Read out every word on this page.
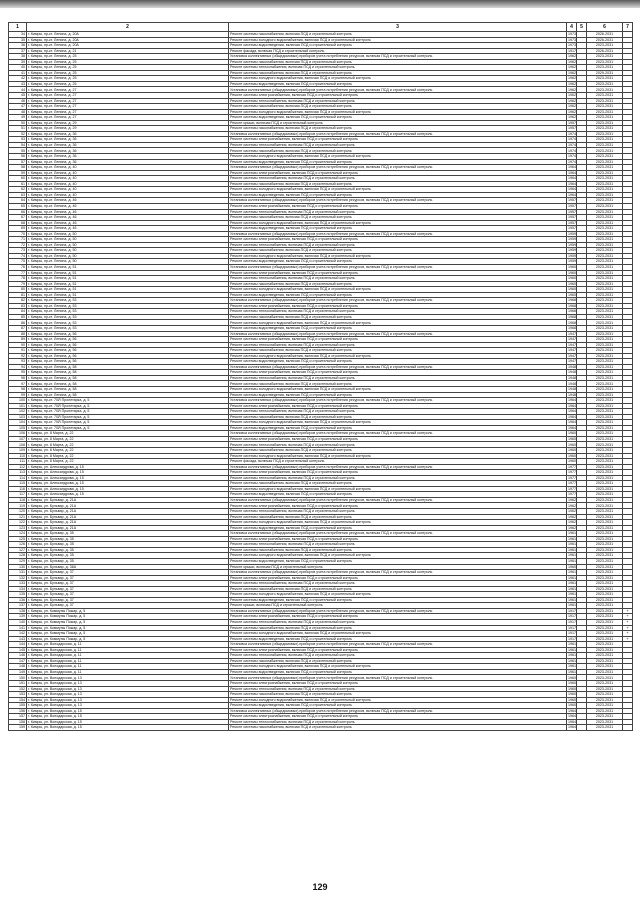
1	2	3	4	5	6	7
34	г. Кимры, пр-кт. Ленина, д. 20А	Ремонт системы газоснабжения, включая ПСД и строительный контроль	1973		2026-2031	
35	г. Кимры, пр-кт. Ленина, д. 20А	Ремонт системы холодного водоснабжения, включая ПСД и строительный контроль	1973		2026-2031	
36	г. Кимры, пр-кт. Ленина, д. 20А	Ремонт системы водоотведения, включая ПСД и строительный контроль	1973		2023-2031	
37	г. Кимры, пр-кт. Ленина, д. 21	Ремонт фасада, включая ПСД и строительный контроль	1917		2026-2031	
38	г. Кимры, пр-кт. Ленина, д. 25	Установка коллективных (общедомовых) приборов учета потребления ресурсов, включая ПСД и строительный контроль	1962		2023-2031	
39	г. Кимры, пр-кт. Ленина, д. 25	Ремонт системы газоснабжения, включая ПСД и строительный контроль	1962		2023-2031	
40	г. Кимры, пр-кт. Ленина, д. 25	Ремонт системы теплоснабжения, включая ПСД и строительный контроль	1962		2023-2031	
41	г. Кимры, пр-кт. Ленина, д. 25	Ремонт системы газоснабжения, включая ПСД и строительный контроль	1962		2029-2031	
42	г. Кимры, пр-кт. Ленина, д. 25	Ремонт системы холодного водоснабжения, включая ПСД и строительный контроль	1962		2023-2031	
43	г. Кимры, пр-кт. Ленина, д. 25	Ремонт системы водоотведения, включая ПСД и строительный контроль	1962		2023-2031	
44	г. Кимры, пр-кт. Ленина, д. 27	Установка коллективных (общедомовых) приборов учета потребления ресурсов, включая ПСД и строительный контроль	1962		2023-2031	
45	г. Кимры, пр-кт. Ленина, д. 27	Ремонт системы электроснабжения, включая ПСД и строительный контроль	1962		2023-2031	
46	г. Кимры, пр-кт. Ленина, д. 27	Ремонт системы теплоснабжения, включая ПСД и строительный контроль	1962		2023-2031	
47	г. Кимры, пр-кт. Ленина, д. 27	Ремонт системы газоснабжения, включая ПСД и строительный контроль	1962		2023-2031	
48	г. Кимры, пр-кт. Ленина, д. 27	Ремонт системы холодного водоснабжения, включая ПСД и строительный контроль	1962		2023-2031	
49	г. Кимры, пр-кт. Ленина, д. 27	Ремонт системы водоотведения, включая ПСД и строительный контроль	1962		2023-2031	
50	г. Кимры, пр-кт. Ленина, д. 29	Ремонт крыши, включая ПСД и строительный контроль	1957		2023-2031	
51	г. Кимры, пр-кт. Ленина, д. 29	Ремонт системы газоснабжения, включая ПСД и строительный контроль	1957		2023-2031	
52	г. Кимры, пр-кт. Ленина, д. 36	Установка коллективных (общедомовых) приборов учета потребления ресурсов, включая ПСД и строительный контроль	1974		2023-2031	
53	г. Кимры, пр-кт. Ленина, д. 36	Ремонт системы электроснабжения, включая ПСД и строительный контроль	1974		2023-2031	
54	г. Кимры, пр-кт. Ленина, д. 36	Ремонт системы теплоснабжения, включая ПСД и строительный контроль	1974		2023-2031	
55	г. Кимры, пр-кт. Ленина, д. 36	Ремонт системы газоснабжения, включая ПСД и строительный контроль	1974		2023-2031	
56	г. Кимры, пр-кт. Ленина, д. 36	Ремонт системы холодного водоснабжения, включая ПСД и строительный контроль	1974		2023-2031	
57	г. Кимры, пр-кт. Ленина, д. 36	Ремонт системы водоотведения, включая ПСД и строительный контроль	1974		2023-2031	
58	г. Кимры, пр-кт. Ленина, д. 40	Установка коллективных (общедомовых) приборов учета потребления ресурсов, включая ПСД и строительный контроль	1964		2023-2031	
59	г. Кимры, пр-кт. Ленина, д. 40	Ремонт системы электроснабжения, включая ПСД и строительный контроль	1964		2023-2031	
60	г. Кимры, пр-кт. Ленина, д. 40	Ремонт системы теплоснабжения, включая ПСД и строительный контроль	1964		2023-2031	
61	г. Кимры, пр-кт. Ленина, д. 40	Ремонт системы газоснабжения, включая ПСД и строительный контроль	1964		2023-2031	
62	г. Кимры, пр-кт. Ленина, д. 40	Ремонт системы холодного водоснабжения, включая ПСД и строительный контроль	1964		2023-2031	
63	г. Кимры, пр-кт. Ленина, д. 40	Ремонт системы водоотведения, включая ПСД и строительный контроль	1964		2023-2031	
64	г. Кимры, пр-кт. Ленина, д. 46	Установка коллективных (общедомовых) приборов учета потребления ресурсов, включая ПСД и строительный контроль	1957		2023-2031	
65	г. Кимры, пр-кт. Ленина, д. 46	Ремонт системы электроснабжения, включая ПСД и строительный контроль	1957		2023-2031	
66	г. Кимры, пр-кт. Ленина, д. 46	Ремонт системы теплоснабжения, включая ПСД и строительный контроль	1957		2023-2031	
67	г. Кимры, пр-кт. Ленина, д. 46	Ремонт системы газоснабжения, включая ПСД и строительный контроль	1957		2023-2031	
68	г. Кимры, пр-кт. Ленина, д. 46	Ремонт системы холодного водоснабжения, включая ПСД и строительный контроль	1957		2023-2031	
69	г. Кимры, пр-кт. Ленина, д. 46	Ремонт системы водоотведения, включая ПСД и строительный контроль	1957		2023-2031	
70	г. Кимры, пр-кт. Ленина, д. 50	Установка коллективных (общедомовых) приборов учета потребления ресурсов, включая ПСД и строительный контроль	1959		2023-2031	
71	г. Кимры, пр-кт. Ленина, д. 50	Ремонт системы электроснабжения, включая ПСД и строительный контроль	1959		2023-2031	
72	г. Кимры, пр-кт. Ленина, д. 50	Ремонт системы теплоснабжения, включая ПСД и строительный контроль	1959		2023-2031	
73	г. Кимры, пр-кт. Ленина, д. 50	Ремонт системы газоснабжения, включая ПСД и строительный контроль	1959		2023-2031	
74	г. Кимры, пр-кт. Ленина, д. 50	Ремонт системы холодного водоснабжения, включая ПСД и строительный контроль	1959		2023-2031	
75	г. Кимры, пр-кт. Ленина, д. 50	Ремонт системы водоотведения, включая ПСД и строительный контроль	1959		2023-2031	
76	г. Кимры, пр-кт. Ленина, д. 51	Установка коллективных (общедомовых) приборов учета потребления ресурсов, включая ПСД и строительный контроль	1960		2023-2031	
77	г. Кимры, пр-кт. Ленина, д. 51	Ремонт системы электроснабжения, включая ПСД и строительный контроль	1960		2023-2031	
78	г. Кимры, пр-кт. Ленина, д. 51	Ремонт системы теплоснабжения, включая ПСД и строительный контроль	1960		2023-2031	
79	г. Кимры, пр-кт. Ленина, д. 51	Ремонт системы газоснабжения, включая ПСД и строительный контроль	1960		2023-2031	
80	г. Кимры, пр-кт. Ленина, д. 51	Ремонт системы холодного водоснабжения, включая ПСД и строительный контроль	1960		2023-2031	
81	г. Кимры, пр-кт. Ленина, д. 51	Ремонт системы водоотведения, включая ПСД и строительный контроль	1960		2023-2031	
82	г. Кимры, пр-кт. Ленина, д. 53	Установка коллективных (общедомовых) приборов учета потребления ресурсов, включая ПСД и строительный контроль	1968		2023-2031	
83	г. Кимры, пр-кт. Ленина, д. 53	Ремонт системы электроснабжения, включая ПСД и строительный контроль	1968		2023-2031	
84	г. Кимры, пр-кт. Ленина, д. 53	Ремонт системы теплоснабжения, включая ПСД и строительный контроль	1968		2023-2031	
85	г. Кимры, пр-кт. Ленина, д. 53	Ремонт системы газоснабжения, включая ПСД и строительный контроль	1968		2023-2031	
86	г. Кимры, пр-кт. Ленина, д. 53	Ремонт системы холодного водоснабжения, включая ПСД и строительный контроль	1968		2023-2031	
87	г. Кимры, пр-кт. Ленина, д. 53	Ремонт системы водоотведения, включая ПСД и строительный контроль	1968		2023-2031	
88	г. Кимры, пр-кт. Ленина, д. 56	Установка коллективных (общедомовых) приборов учета потребления ресурсов, включая ПСД и строительный контроль	1947		2023-2031	
89	г. Кимры, пр-кт. Ленина, д. 56	Ремонт системы электроснабжения, включая ПСД и строительный контроль	1947		2023-2031	
90	г. Кимры, пр-кт. Ленина, д. 56	Ремонт системы теплоснабжения, включая ПСД и строительный контроль	1947		2023-2031	
91	г. Кимры, пр-кт. Ленина, д. 56	Ремонт системы газоснабжения, включая ПСД и строительный контроль	1947		2023-2031	
92	г. Кимры, пр-кт. Ленина, д. 56	Ремонт системы холодного водоснабжения, включая ПСД и строительный контроль	1947		2023-2031	
93	г. Кимры, пр-кт. Ленина, д. 56	Ремонт системы водоотведения, включая ПСД и строительный контроль	1947		2023-2031	
94	г. Кимры, пр-кт. Ленина, д. 58	Установка коллективных (общедомовых) приборов учета потребления ресурсов, включая ПСД и строительный контроль	1948		2023-2031	
95	г. Кимры, пр-кт. Ленина, д. 58	Ремонт системы электроснабжения, включая ПСД и строительный контроль	1948		2023-2031	
96	г. Кимры, пр-кт. Ленина, д. 58	Ремонт системы теплоснабжения, включая ПСД и строительный контроль	1948		2023-2031	
97	г. Кимры, пр-кт. Ленина, д. 58	Ремонт системы газоснабжения, включая ПСД и строительный контроль	1948		2023-2031	
98	г. Кимры, пр-кт. Ленина, д. 58	Ремонт системы холодного водоснабжения, включая ПСД и строительный контроль	1948		2023-2031	
99	г. Кимры, пр-кт. Ленина, д. 58	Ремонт системы водоотведения, включая ПСД и строительный контроль	1948		2023-2031	
100	г. Кимры, пр-кт. 70Й Пролетарка, д. 5	Установка коллективных (общедомовых) приборов учета потребления ресурсов, включая ПСД и строительный контроль	1964		2023-2031	
101	г. Кимры, пр-кт. 70Й Пролетарка, д. 5	Ремонт системы электроснабжения, включая ПСД и строительный контроль	1964		2023-2031	
102	г. Кимры, пр-кт. 70Й Пролетарка, д. 5	Ремонт системы теплоснабжения, включая ПСД и строительный контроль	1964		2023-2031	
103	г. Кимры, пр-кт. 70Й Пролетарка, д. 5	Ремонт системы газоснабжения, включая ПСД и строительный контроль	1964		2023-2031	
104	г. Кимры, пр-кт. 70Й Пролетарка, д. 5	Ремонт системы холодного водоснабжения, включая ПСД и строительный контроль	1964		2023-2031	
105	г. Кимры, пр-кт. 70Й Пролетарка, д. 5	Ремонт системы водоотведения, включая ПСД и строительный контроль	1964		2023-2031	
106	г. Кимры, ул. 8 Марта, д. 22	Установка коллективных (общедомовых) приборов учета потребления ресурсов, включая ПСД и строительный контроль	1960		2023-2031	
107	г. Кимры, ул. 8 Марта, д. 22	Ремонт системы электроснабжения, включая ПСД и строительный контроль	1960		2023-2031	
108	г. Кимры, ул. 8 Марта, д. 22	Ремонт системы теплоснабжения, включая ПСД и строительный контроль	1960		2023-2031	
109	г. Кимры, ул. 8 Марта, д. 22	Ремонт системы газоснабжения, включая ПСД и строительный контроль	1960		2023-2031	
110	г. Кимры, ул. 8 Марта, д. 22	Ремонт системы холодного водоснабжения, включая ПСД и строительный контроль	1960		2023-2031	
111	г. Кимры, ул. 8 Марта, д. 22	Ремонт фасада, включая ПСД и строительный контроль	1960		2023-2031	
112	г. Кимры, ул. Александрова, д. 15	Установка коллективных (общедомовых) приборов учета потребления ресурсов, включая ПСД и строительный контроль	1977		2023-2031	
113	г. Кимры, ул. Александрова, д. 15	Ремонт системы электроснабжения, включая ПСД и строительный контроль	1977		2023-2031	
114	г. Кимры, ул. Александрова, д. 15	Ремонт системы теплоснабжения, включая ПСД и строительный контроль	1977		2023-2031	
115	г. Кимры, ул. Александрова, д. 15	Ремонт системы газоснабжения, включая ПСД и строительный контроль	1977		2023-2031	
116	г. Кимры, ул. Александрова, д. 15	Ремонт системы холодного водоснабжения, включая ПСД и строительный контроль	1977		2023-2031	
117	г. Кимры, ул. Александрова, д. 15	Ремонт системы водоотведения, включая ПСД и строительный контроль	1977		2023-2031	
118	г. Кимры, ул. Бульвар, д. 21А	Установка коллективных (общедомовых) приборов учета потребления ресурсов, включая ПСД и строительный контроль	1962		2023-2031	
119	г. Кимры, ул. Бульвар, д. 21А	Ремонт системы электроснабжения, включая ПСД и строительный контроль	1962		2023-2031	
120	г. Кимры, ул. Бульвар, д. 21А	Ремонт системы теплоснабжения, включая ПСД и строительный контроль	1962		2023-2031	
121	г. Кимры, ул. Бульвар, д. 21А	Ремонт системы газоснабжения, включая ПСД и строительный контроль	1962		2023-2031	
122	г. Кимры, ул. Бульвар, д. 21А	Ремонт системы холодного водоснабжения, включая ПСД и строительный контроль	1962		2023-2031	
123	г. Кимры, ул. Бульвар, д. 21А	Ремонт системы водоотведения, включая ПСД и строительный контроль	1962		2023-2031	
124	г. Кимры, ул. Бульвар, д. 35	Установка коллективных (общедомовых) приборов учета потребления ресурсов, включая ПСД и строительный контроль	1961		2023-2031	
125	г. Кимры, ул. Бульвар, д. 35	Ремонт системы электроснабжения, включая ПСД и строительный контроль	1961		2023-2031	
126	г. Кимры, ул. Бульвар, д. 35	Ремонт системы теплоснабжения, включая ПСД и строительный контроль	1961		2023-2031	
127	г. Кимры, ул. Бульвар, д. 35	Ремонт системы газоснабжения, включая ПСД и строительный контроль	1961		2023-2031	
128	г. Кимры, ул. Бульвар, д. 35	Ремонт системы холодного водоснабжения, включая ПСД и строительный контроль	1961		2023-2031	
129	г. Кимры, ул. Бульвар, д. 35	Ремонт системы водоотведения, включая ПСД и строительный контроль	1961		2023-2031	
130	г. Кимры, ул. Бульвар, д. 36А	Ремонт крыши, включая ПСД и строительный контроль	1960		2023-2031	
131	г. Кимры, ул. Бульвар, д. 37	Установка коллективных (общедомовых) приборов учета потребления ресурсов, включая ПСД и строительный контроль	1961		2023-2031	
132	г. Кимры, ул. Бульвар, д. 37	Ремонт системы электроснабжения, включая ПСД и строительный контроль	1961		2023-2031	
133	г. Кимры, ул. Бульвар, д. 37	Ремонт системы теплоснабжения, включая ПСД и строительный контроль	1961		2023-2031	
134	г. Кимры, ул. Бульвар, д. 37	Ремонт системы газоснабжения, включая ПСД и строительный контроль	1961		2023-2031	
135	г. Кимры, ул. Бульвар, д. 37	Ремонт системы холодного водоснабжения, включая ПСД и строительный контроль	1961		2023-2031	
136	г. Кимры, ул. Бульвар, д. 37	Ремонт системы водоотведения, включая ПСД и строительный контроль	1961		2023-2031	
137	г. Кимры, ул. Бульвар, д. 37	Ремонт крыши, включая ПСД и строительный контроль	1961		2023-2031	
138	г. Кимры, ул. Коммуны Пожар, д. 5	Установка коллективных (общедомовых) приборов учета потребления ресурсов, включая ПСД и строительный контроль	1917		2023-2031	+
139	г. Кимры, ул. Коммуны Пожар, д. 5	Ремонт системы электроснабжения, включая ПСД и строительный контроль	1917		2023-2031	+
140	г. Кимры, ул. Коммуны Пожар, д. 5	Ремонт системы теплоснабжения, включая ПСД и строительный контроль	1917		2023-2031	+
141	г. Кимры, ул. Коммуны Пожар, д. 5	Ремонт системы газоснабжения, включая ПСД и строительный контроль	1917		2023-2031	+
142	г. Кимры, ул. Коммуны Пожар, д. 5	Ремонт системы холодного водоснабжения, включая ПСД и строительный контроль	1917		2023-2031	+
143	г. Кимры, ул. Коммуны Пожар, д. 5	Ремонт системы водоотведения, включая ПСД и строительный контроль	1917		2023-2031	+
144	г. Кимры, ул. Володарская, д. 11	Установка коллективных (общедомовых) приборов учета потребления ресурсов, включая ПСД и строительный контроль	1961		2023-2031	
145	г. Кимры, ул. Володарская, д. 11	Ремонт системы электроснабжения, включая ПСД и строительный контроль	1961		2023-2031	
146	г. Кимры, ул. Володарская, д. 11	Ремонт системы теплоснабжения, включая ПСД и строительный контроль	1961		2023-2031	
147	г. Кимры, ул. Володарская, д. 11	Ремонт системы газоснабжения, включая ПСД и строительный контроль	1961		2023-2031	
148	г. Кимры, ул. Володарская, д. 11	Ремонт системы холодного водоснабжения, включая ПСД и строительный контроль	1961		2023-2031	
149	г. Кимры, ул. Володарская, д. 11	Ремонт системы водоотведения, включая ПСД и строительный контроль	1961		2023-2031	
150	г. Кимры, ул. Володарская, д. 13	Установка коллективных (общедомовых) приборов учета потребления ресурсов, включая ПСД и строительный контроль	1960		2023-2031	
151	г. Кимры, ул. Володарская, д. 13	Ремонт системы электроснабжения, включая ПСД и строительный контроль	1960		2023-2031	
152	г. Кимры, ул. Володарская, д. 13	Ремонт системы теплоснабжения, включая ПСД и строительный контроль	1960		2023-2031	
153	г. Кимры, ул. Володарская, д. 13	Ремонт системы газоснабжения, включая ПСД и строительный контроль	1960		2023-2031	
154	г. Кимры, ул. Володарская, д. 13	Ремонт системы холодного водоснабжения, включая ПСД и строительный контроль	1960		2023-2031	
155	г. Кимры, ул. Володарская, д. 13	Ремонт системы водоотведения, включая ПСД и строительный контроль	1960		2023-2031	
156	г. Кимры, ул. Володарская, д. 15	Установка коллективных (общедомовых) приборов учета потребления ресурсов, включая ПСД и строительный контроль	1964		2023-2031	
157	г. Кимры, ул. Володарская, д. 15	Ремонт системы электроснабжения, включая ПСД и строительный контроль	1964		2023-2031	
158	г. Кимры, ул. Володарская, д. 15	Ремонт системы теплоснабжения, включая ПСД и строительный контроль	1964		2023-2031	
159	г. Кимры, ул. Володарская, д. 15	Ремонт системы газоснабжения, включая ПСД и строительный контроль	1964		2023-2031	
129
